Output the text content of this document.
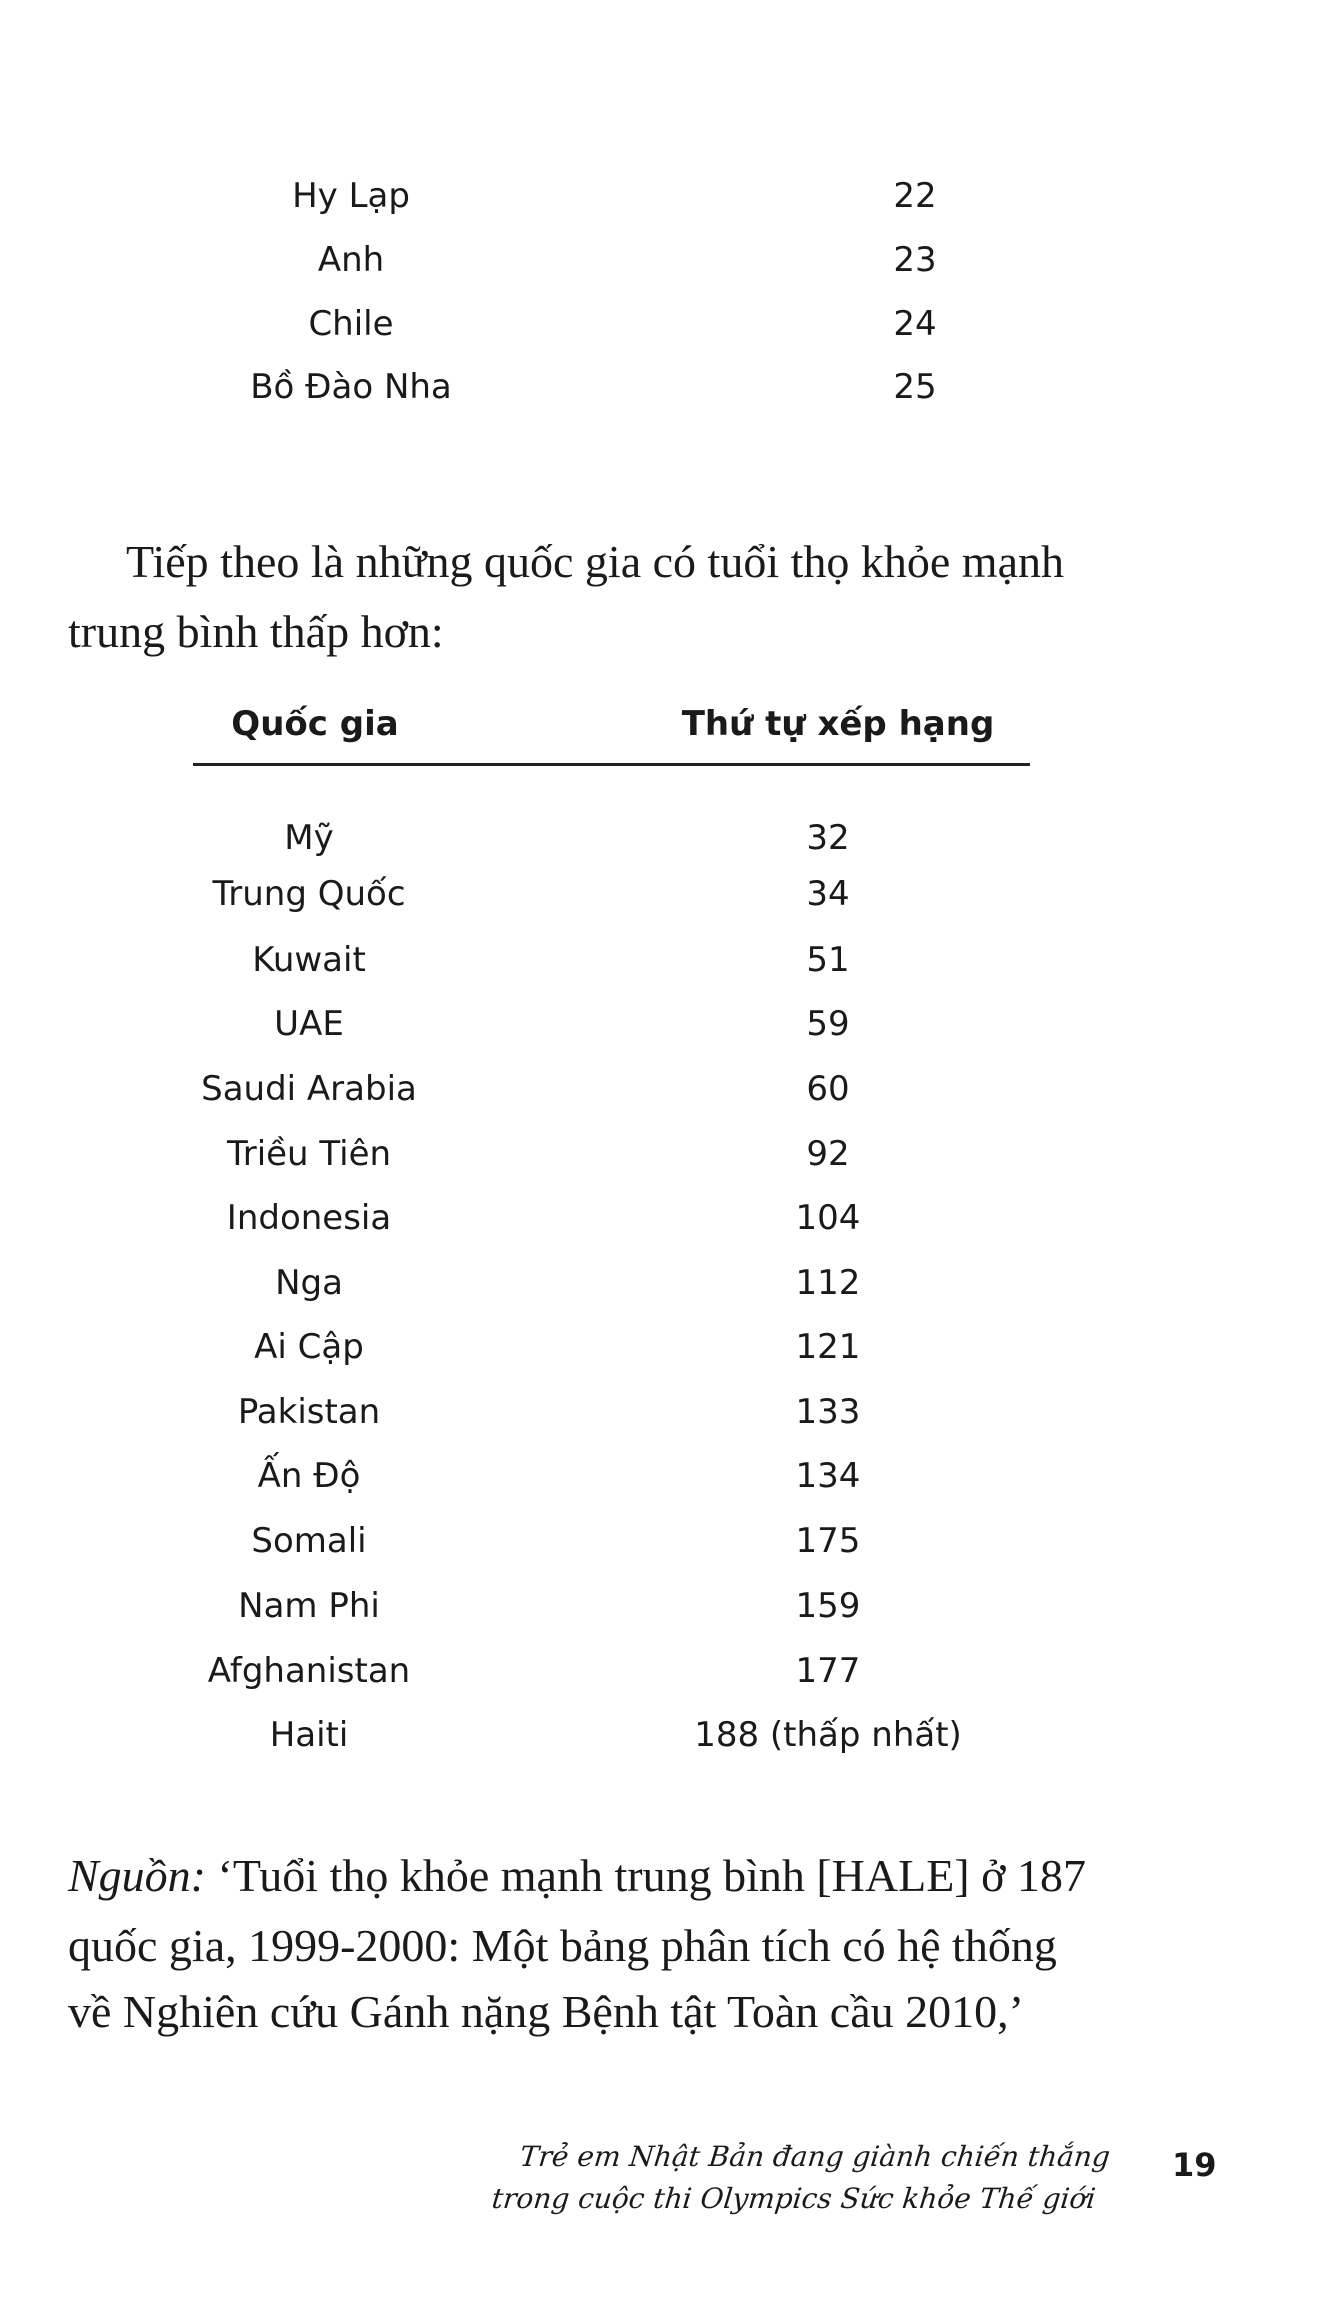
Hy Lạp	22
Anh	23
Chile	24
Bồ Đào Nha	25
Tiếp theo là những quốc gia có tuổi thọ khỏe mạnh
trung bình thấp hơn:
Quốc gia	Thứ tự xếp hạng
Mỹ	32
Trung Quốc	34
Kuwait	51
UAE	59
Saudi Arabia	60
Triều Tiên	92
Indonesia	104
Nga	112
Ai Cập	121
Pakistan	133
Ấn Độ	134
Somali	175
Nam Phi	159
Afghanistan	177
Haiti	188 (thấp nhất)
Nguồn: ‘Tuổi thọ khỏe mạnh trung bình [HALE] ở 187
quốc gia, 1999-2000: Một bảng phân tích có hệ thống
về Nghiên cứu Gánh nặng Bệnh tật Toàn cầu 2010,’
Trẻ em Nhật Bản đang giành chiến thắng
trong cuộc thi Olympics Sức khỏe Thế giới
19
